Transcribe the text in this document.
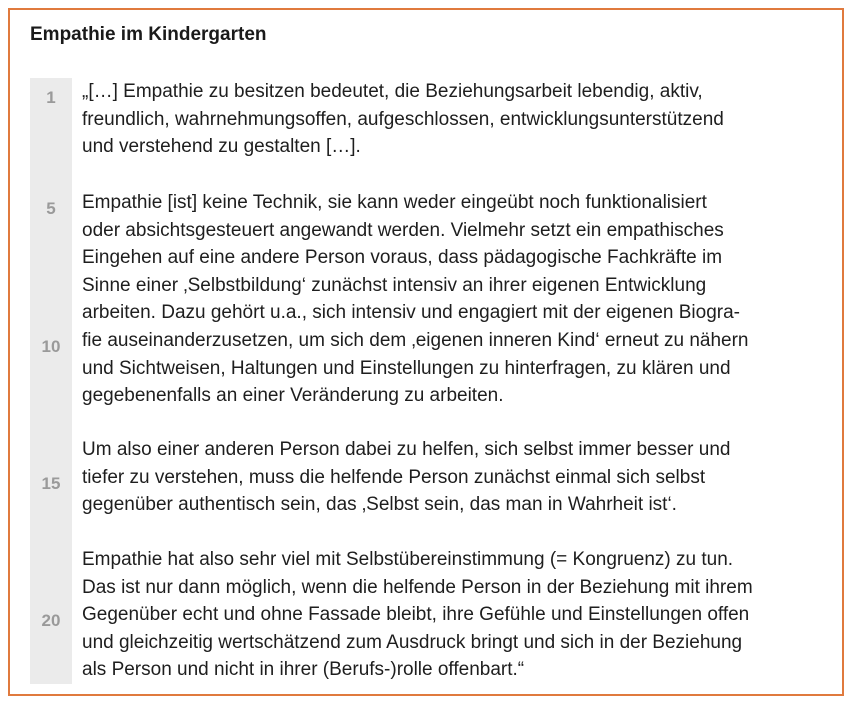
Empathie im Kindergarten
1
5
10
15
20
„[…] Empathie zu besitzen bedeutet, die Beziehungsarbeit lebendig, aktiv,
freundlich, wahrnehmungsoffen, aufgeschlossen, entwicklungsunterstützend
und verstehend zu gestalten […].
Empathie [ist] keine Technik, sie kann weder eingeübt noch funktionalisiert
oder absichtsgesteuert angewandt werden. Vielmehr setzt ein empathisches
Eingehen auf eine andere Person voraus, dass pädagogische Fachkräfte im
Sinne einer ‚Selbstbildung‘ zunächst intensiv an ihrer eigenen Entwicklung
arbeiten. Dazu gehört u.a., sich intensiv und engagiert mit der eigenen Biogra-
fie auseinanderzusetzen, um sich dem ‚eigenen inneren Kind‘ erneut zu nähern
und Sichtweisen, Haltungen und Einstellungen zu hinterfragen, zu klären und
gegebenenfalls an einer Veränderung zu arbeiten.
Um also einer anderen Person dabei zu helfen, sich selbst immer besser und
tiefer zu verstehen, muss die helfende Person zunächst einmal sich selbst
gegenüber authentisch sein, das ‚Selbst sein, das man in Wahrheit ist‘.
Empathie hat also sehr viel mit Selbstübereinstimmung (= Kongruenz) zu tun.
Das ist nur dann möglich, wenn die helfende Person in der Beziehung mit ihrem
Gegenüber echt und ohne Fassade bleibt, ihre Gefühle und Einstellungen offen
und gleichzeitig wertschätzend zum Ausdruck bringt und sich in der Beziehung
als Person und nicht in ihrer (Berufs-)rolle offenbart.“
